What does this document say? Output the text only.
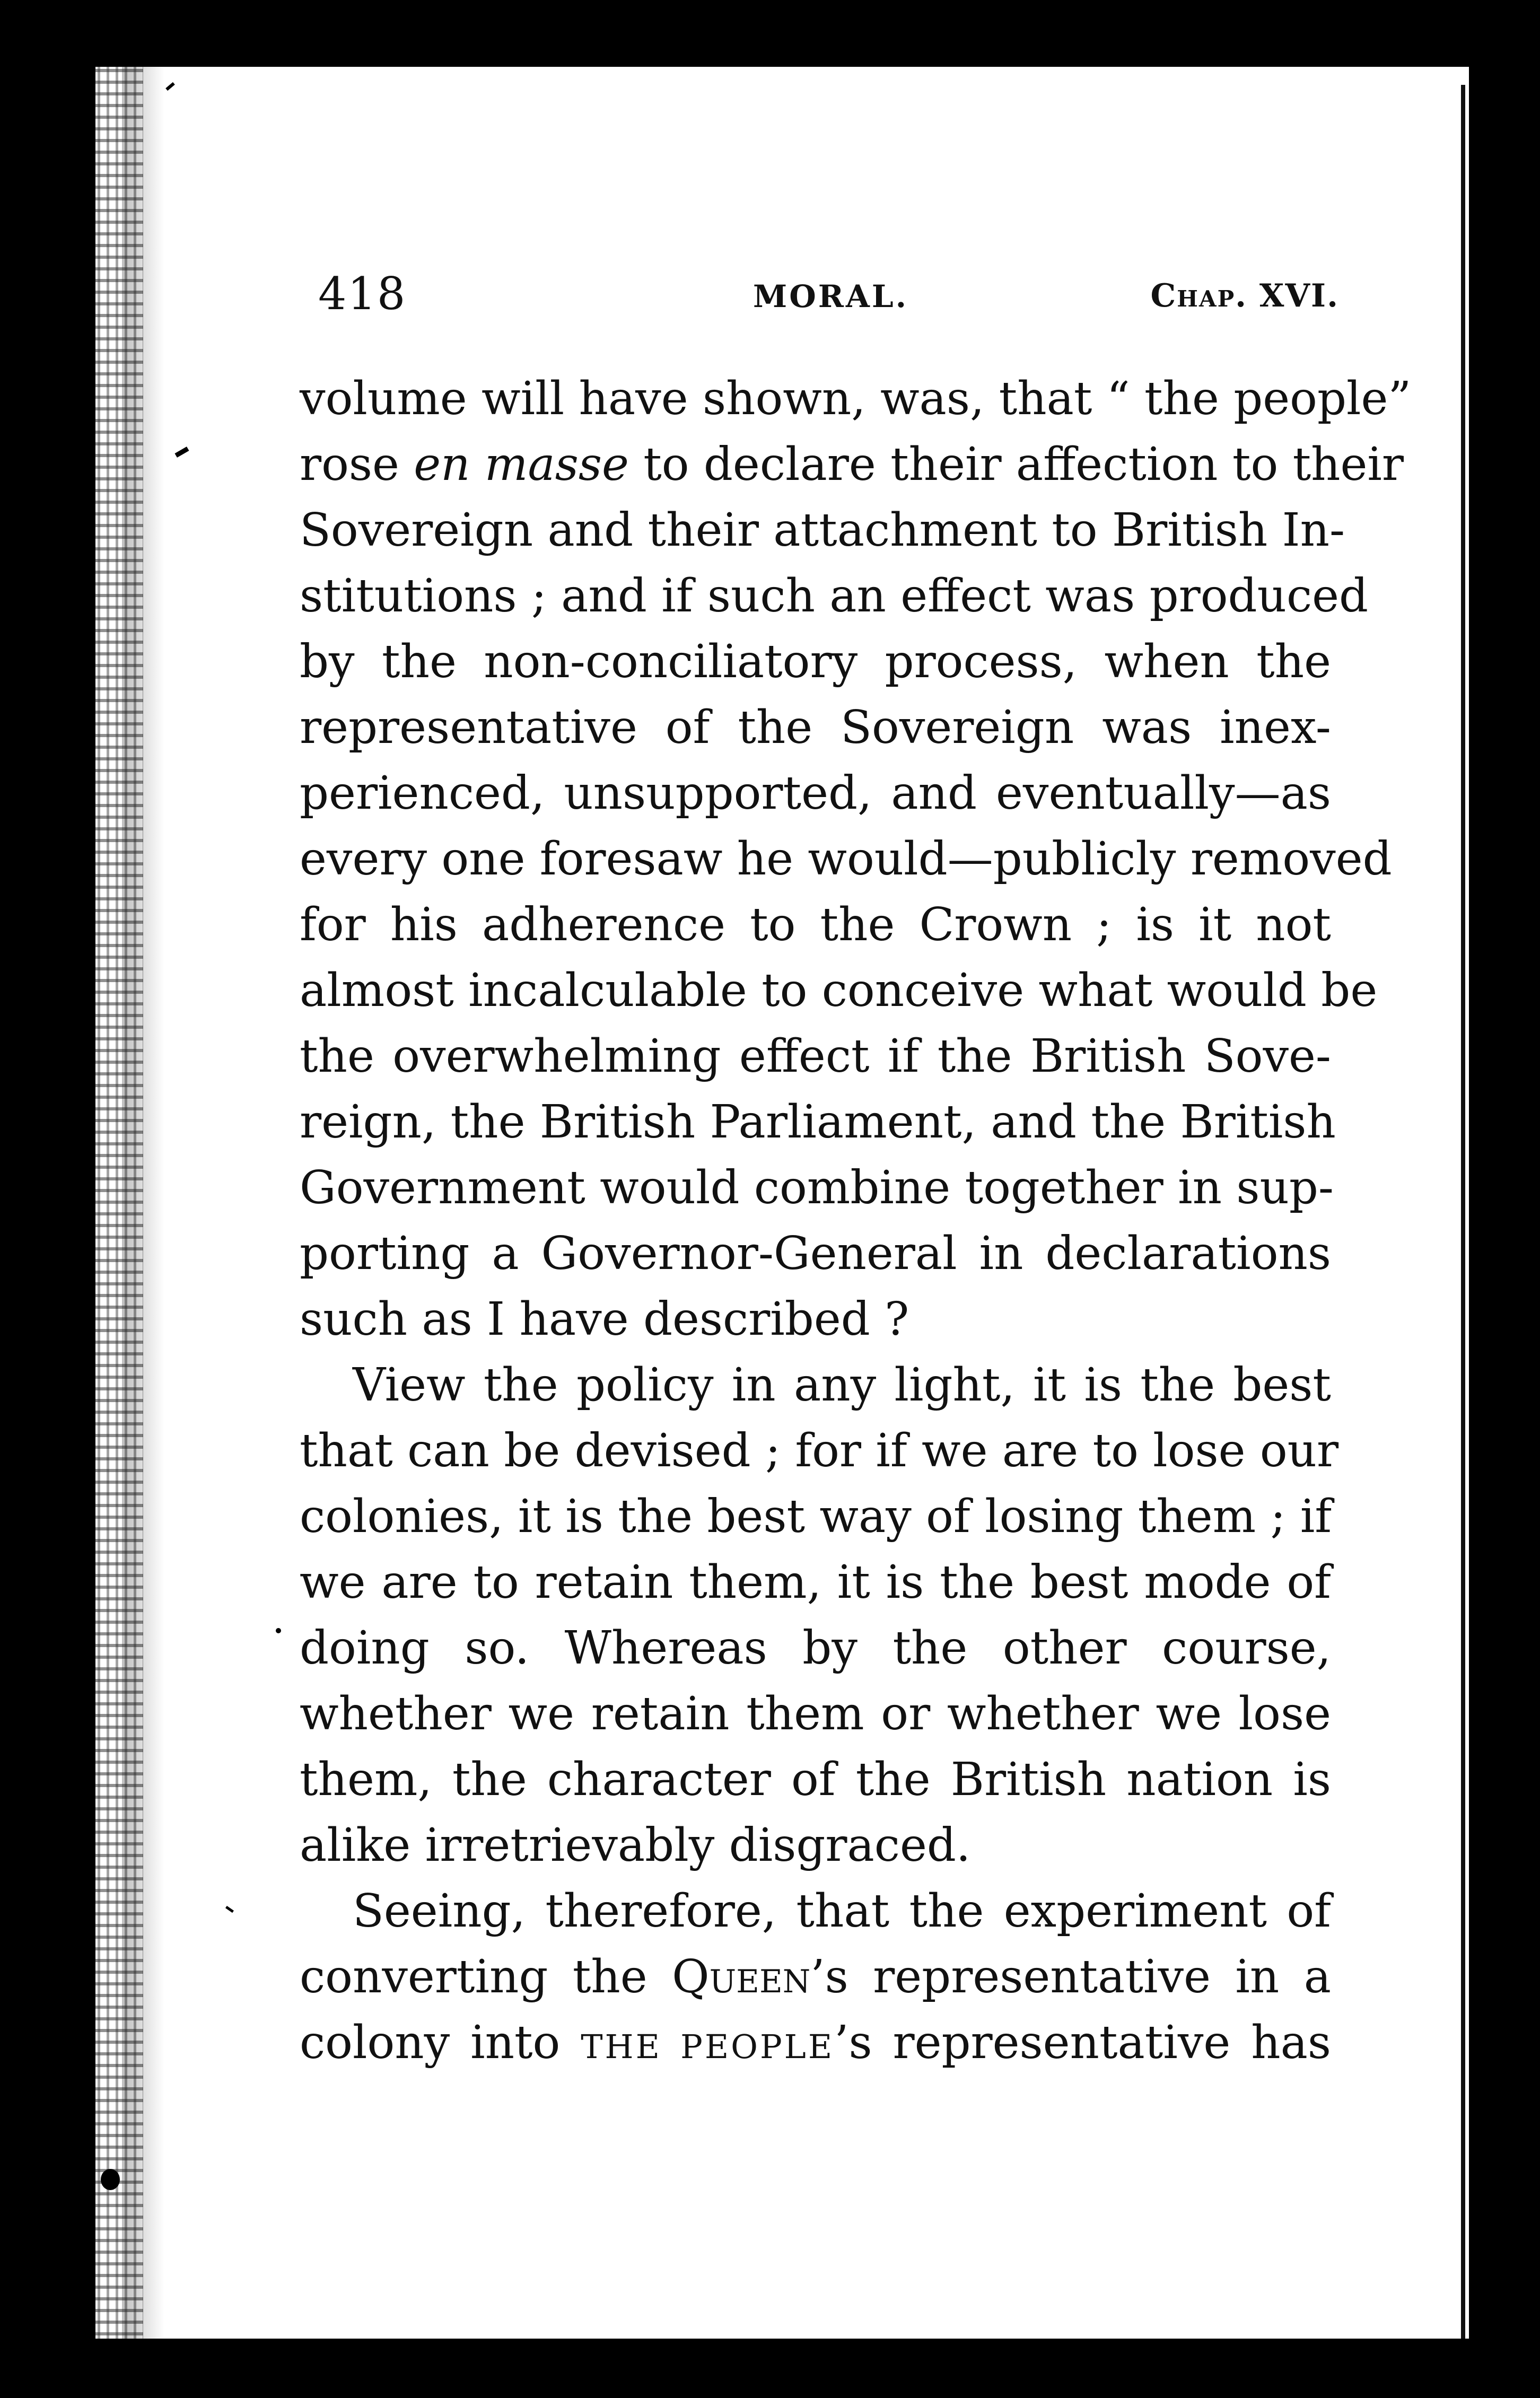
418	MORAL.	Chap. XVI.
volume will have shown, was, that “ the people”
rose en masse to declare their affection to their
Sovereign and their attachment to British In-
stitutions ; and if such an effect was produced
by the non-conciliatory process, when the
representative of the Sovereign was inex-
perienced, unsupported, and eventually—as
every one foresaw he would—publicly removed
for his adherence to the Crown ; is it not
almost incalculable to conceive what would be
the overwhelming effect if the British Sove-
reign, the British Parliament, and the British
Government would combine together in sup-
porting a Governor-General in declarations
such as I have described ?
View the policy in any light, it is the best
that can be devised ; for if we are to lose our
colonies, it is the best way of losing them ; if
we are to retain them, it is the best mode of
doing so. Whereas by the other course,
whether we retain them or whether we lose
them, the character of the British nation is
alike irretrievably disgraced.
Seeing, therefore, that the experiment of
converting the Queen’s representative in a
colony into THE PEOPLE’s representative has
